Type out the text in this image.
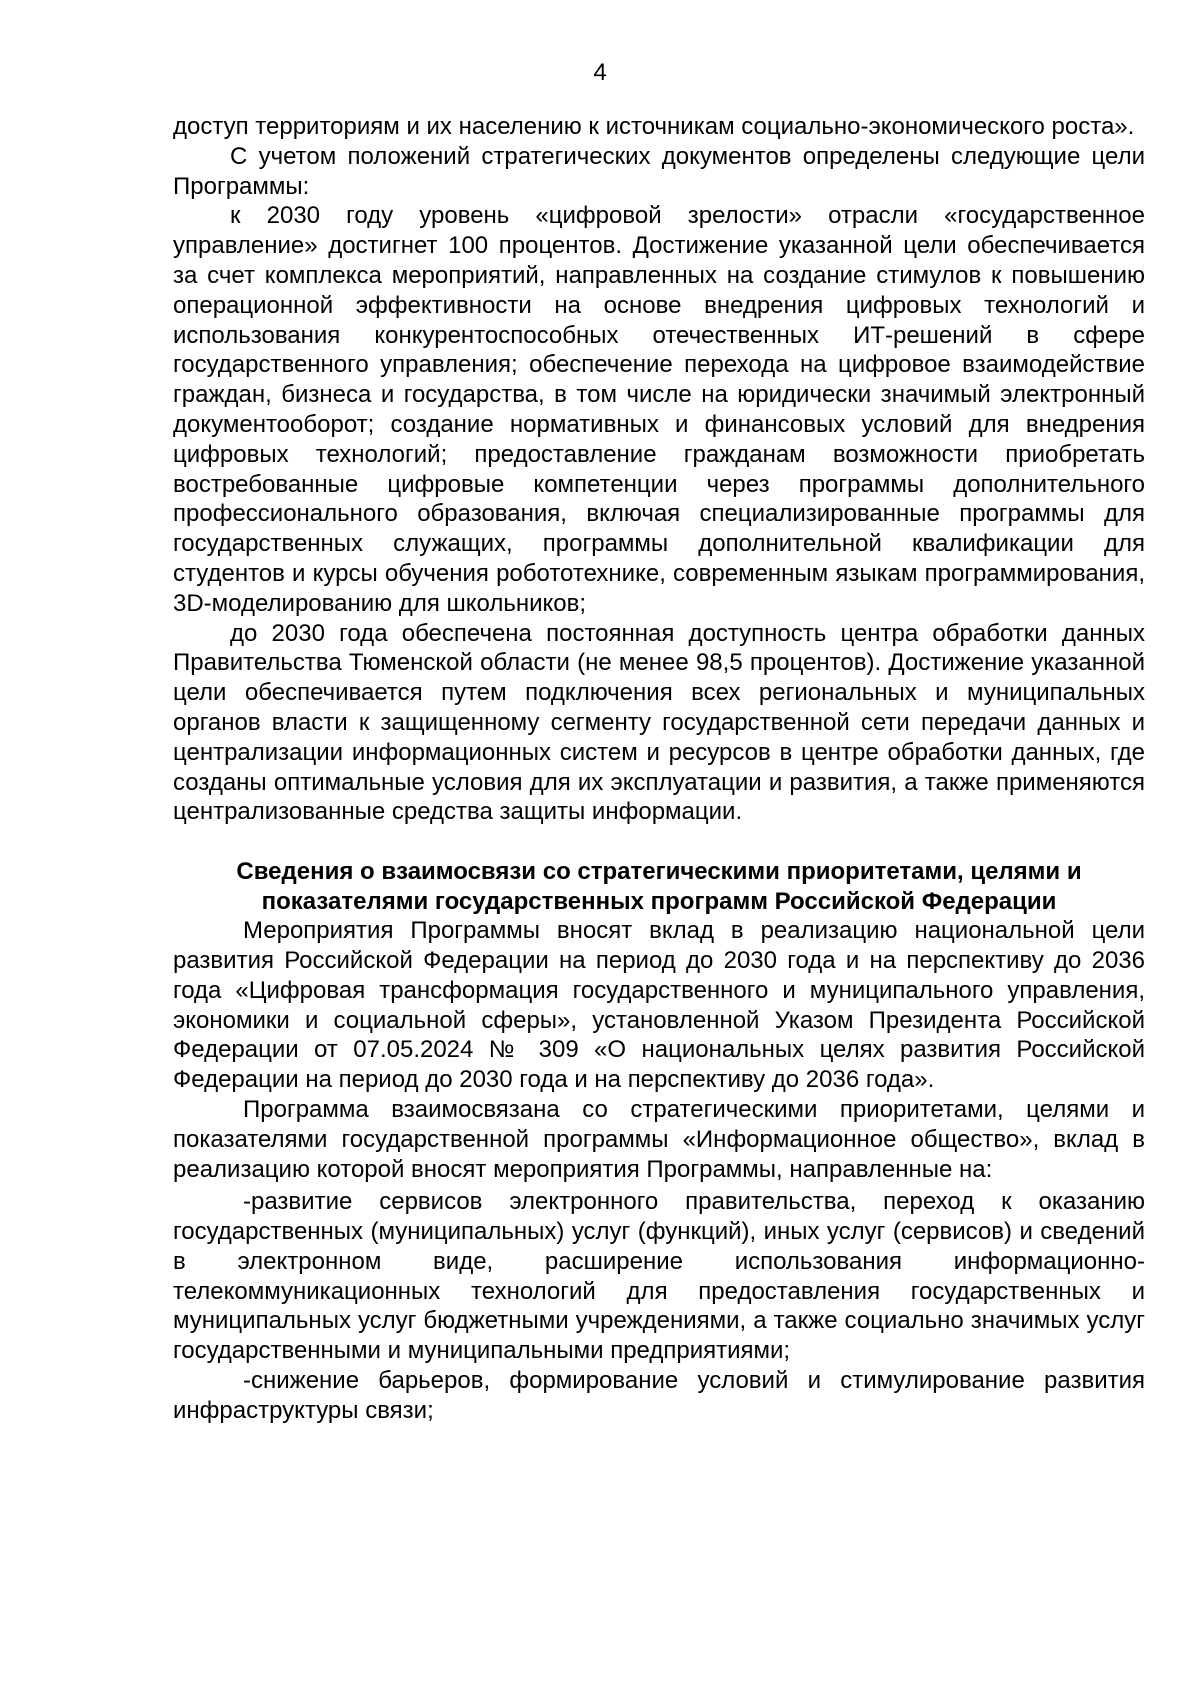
4

доступ территориям и их населению к источникам социально-экономического роста».

С учетом положений стратегических документов определены следующие цели Программы:

к 2030 году уровень «цифровой зрелости» отрасли «государственное управление» достигнет 100 процентов. Достижение указанной цели обеспечивается за счет комплекса мероприятий, направленных на создание стимулов к повышению операционной эффективности на основе внедрения цифровых технологий и использования конкурентоспособных отечественных ИТ-решений в сфере государственного управления; обеспечение перехода на цифровое взаимодействие граждан, бизнеса и государства, в том числе на юридически значимый электронный документооборот; создание нормативных и финансовых условий для внедрения цифровых технологий; предоставление гражданам возможности приобретать востребованные цифровые компетенции через программы дополнительного профессионального образования, включая специализированные программы для государственных служащих, программы дополнительной квалификации для студентов и курсы обучения робототехнике, современным языкам программирования, 3D-моделированию для школьников;

до 2030 года обеспечена постоянная доступность центра обработки данных Правительства Тюменской области (не менее 98,5 процентов). Достижение указанной цели обеспечивается путем подключения всех региональных и муниципальных органов власти к защищенному сегменту государственной сети передачи данных и централизации информационных систем и ресурсов в центре обработки данных, где созданы оптимальные условия для их эксплуатации и развития, а также применяются централизованные средства защиты информации.

Сведения о взаимосвязи со стратегическими приоритетами, целями и показателями государственных программ Российской Федерации

Мероприятия Программы вносят вклад в реализацию национальной цели развития Российской Федерации на период до 2030 года и на перспективу до 2036 года «Цифровая трансформация государственного и муниципального управления, экономики и социальной сферы», установленной Указом Президента Российской Федерации от 07.05.2024 № 309 «О национальных целях развития Российской Федерации на период до 2030 года и на перспективу до 2036 года».

Программа взаимосвязана со стратегическими приоритетами, целями и показателями государственной программы «Информационное общество», вклад в реализацию которой вносят мероприятия Программы, направленные на:

-развитие сервисов электронного правительства, переход к оказанию государственных (муниципальных) услуг (функций), иных услуг (сервисов) и сведений в электронном виде, расширение использования информационно-телекоммуникационных технологий для предоставления государственных и муниципальных услуг бюджетными учреждениями, а также социально значимых услуг государственными и муниципальными предприятиями;

-снижение барьеров, формирование условий и стимулирование развития инфраструктуры связи;
